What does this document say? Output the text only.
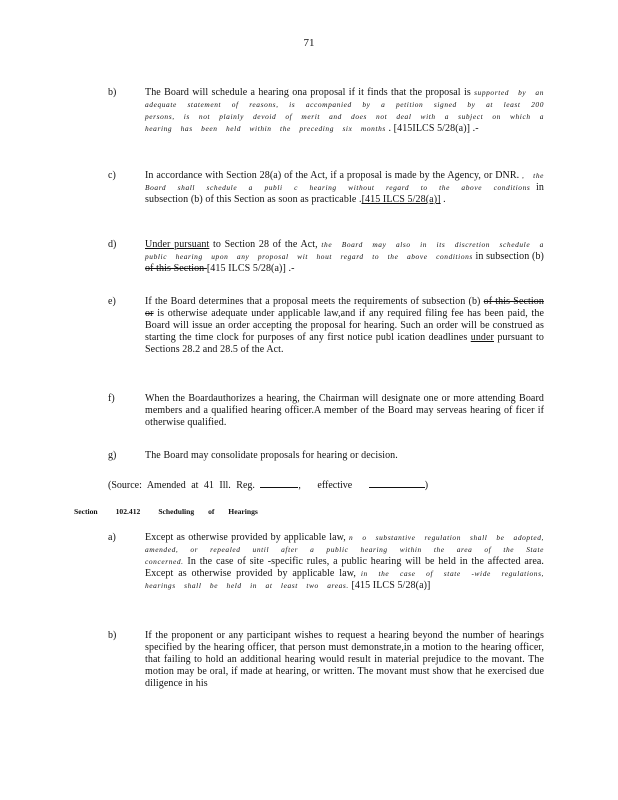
71
b)	The Board will schedule a hearing ona proposal if it finds that the proposal is supported by an adequate statement of reasons, is accompanied by a petition signed by at least 200 persons, is not plainly devoid of merit and does not deal with a subject on which a hearing has been held within the preceding six months . [415ILCS 5/28(a)] .-
c)	In accordance with Section 28(a) of the Act, if a proposal is made by the Agency, or DNR. , the Board shall schedule a publi c hearing without regard to the above conditions in subsection (b) of this Section as soon as practicable .[415 ILCS 5/28(a)] .
d)	Under pursuant to Section 28 of the Act, the Board may also in its discretion schedule a public hearing upon any proposal wit hout regard to the above conditions in subsection (b) of this Section [415 ILCS 5/28(a)] .-
e)	If the Board determines that a proposal meets the requirements of subsection (b) of this Section or is otherwise adequate under applicable law,and if any required filing fee has been paid, the Board will issue an order accepting the proposal for hearing. Such an order will be construed as starting the time clock for purposes of any first notice publ ication deadlines under pursuant to Sections 28.2 and 28.5 of the Act.
f)	When the Boardauthorizes a hearing, the Chairman will designate one or more attending Board members and a qualified hearing officer.A member of the Board may serveas hearing of ficer if otherwise qualified.
g)	The Board may consolidate proposals for hearing or decision.
(Source: Amended at 41 Ill. Reg.	, effective	)
Section 102.412 Scheduling of Hearings
a)	Except as otherwise provided by applicable law, n o substantive regulation shall be adopted, amended, or repealed until after a public hearing within the area of the State concerned. In the case of site -specific rules, a public hearing will be held in the affected area. Except as otherwise provided by applicable law, in the case of state -wide regulations, hearings shall be held in at least two areas. [415 ILCS 5/28(a)]
b)	If the proponent or any participant wishes to request a hearing beyond the number of hearings specified by the hearing officer, that person must demonstrate,in a motion to the hearing officer, that failing to hold an additional hearing would result in material prejudice to the movant. The motion may be oral, if made at hearing, or written. The movant must show that he exercised due diligence in his
